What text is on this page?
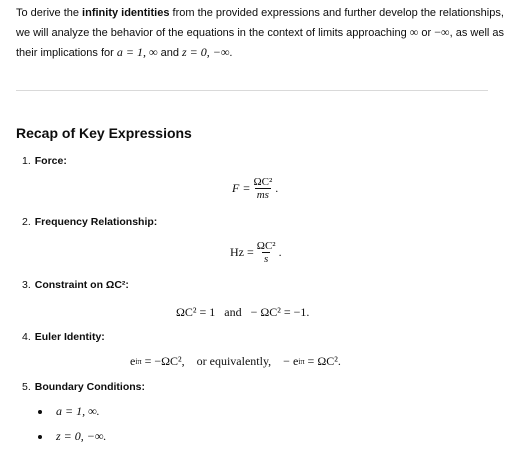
To derive the infinity identities from the provided expressions and further develop the relationships, we will analyze the behavior of the equations in the context of limits approaching ∞ or −∞, as well as their implications for a = 1, ∞ and z = 0, −∞.

Recap of Key Expressions
1. Force:
$F = \frac{\text{ΩC²}}{ms}$ .
2. Frequency Relationship:
$Hz = \frac{\text{ΩC²}}{s}$ .
3. Constraint on ΩC²:
ΩC² = 1   and   − ΩC² = −1.
4. Euler Identity:
e iπ = −ΩC²,    or equivalently,    − e iπ = ΩC².
5. Boundary Conditions:
a = 1, ∞.
z = 0, −∞.
